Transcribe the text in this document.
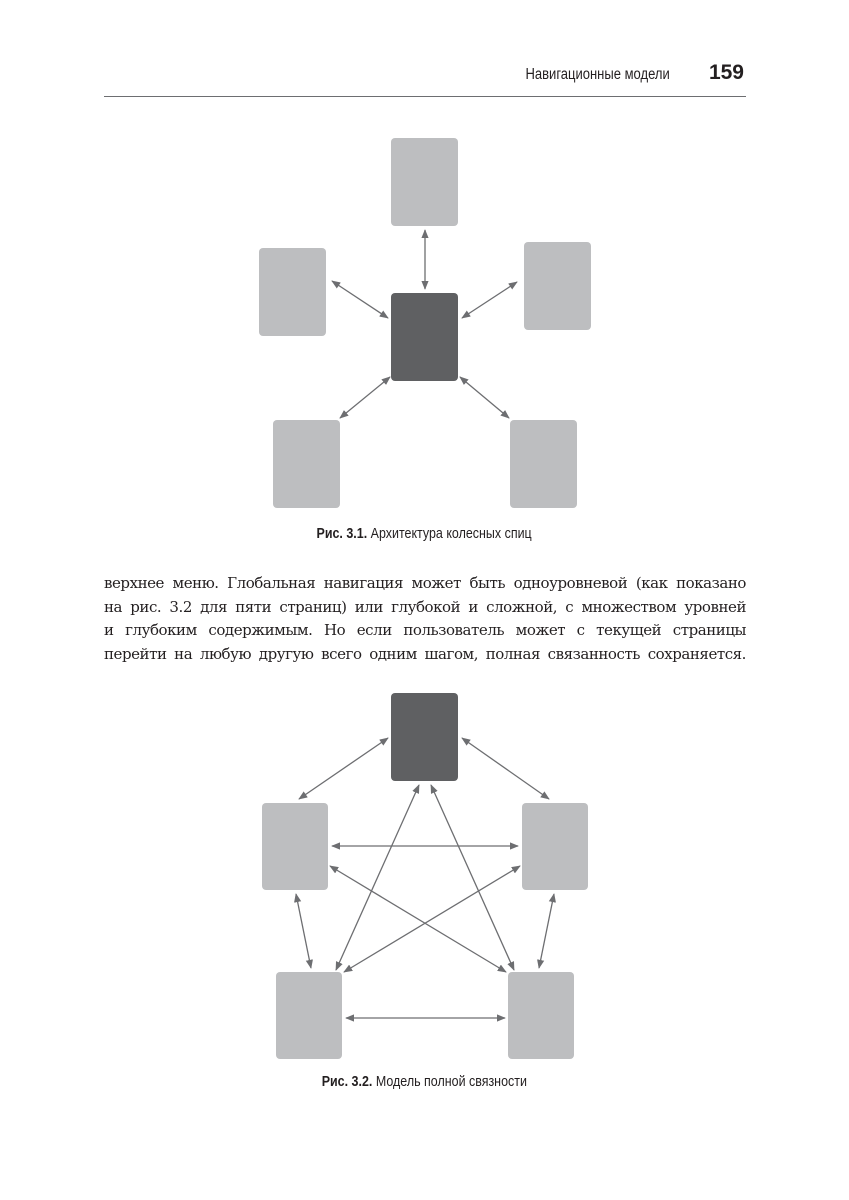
Навигационные модели 159
Рис. 3.1. Архитектура колесных спиц
верхнее меню. Глобальная навигация может быть одноуровневой (как показано
на рис. 3.2 для пяти страниц) или глубокой и сложной, с множеством уровней
и глубоким содержимым. Но если пользователь может с текущей страницы
перейти на любую другую всего одним шагом, полная связанность сохраняется.
Рис. 3.2. Модель полной связности
